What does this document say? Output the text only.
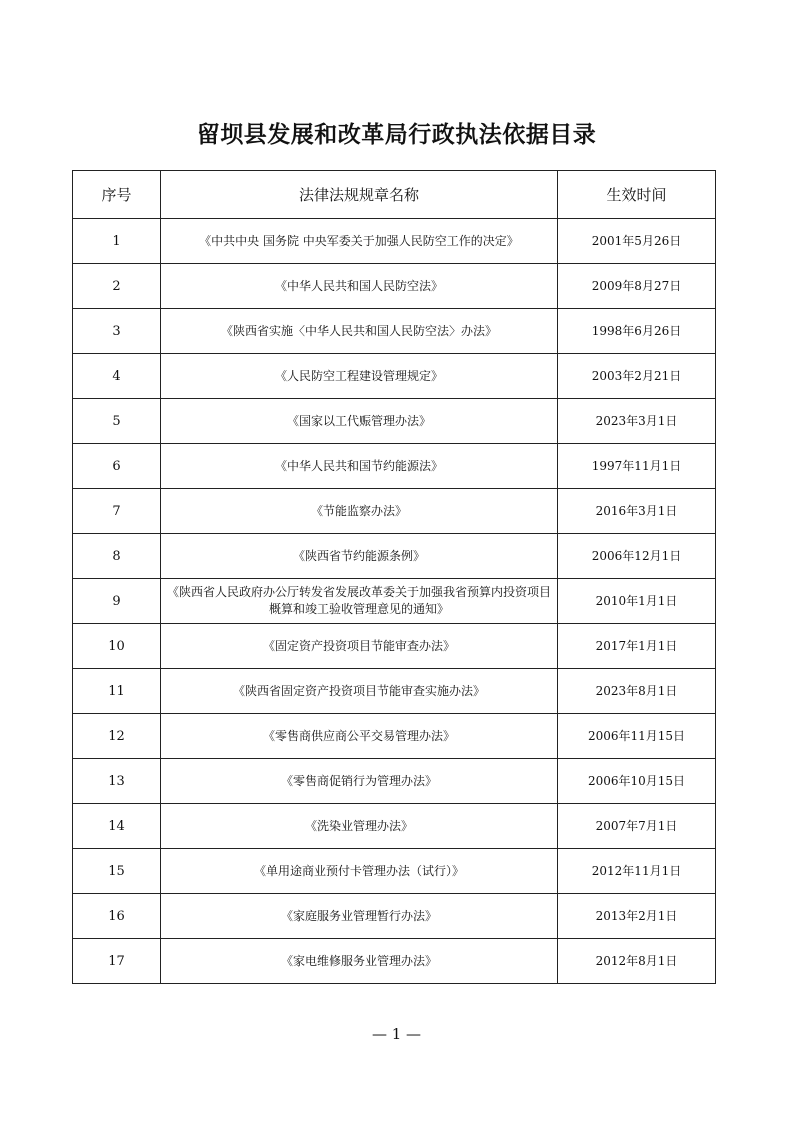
留坝县发展和改革局行政执法依据目录
序号	法律法规规章名称	生效时间
1	《中共中央 国务院 中央军委关于加强人民防空工作的决定》	2001年5月26日
2	《中华人民共和国人民防空法》	2009年8月27日
3	《陕西省实施〈中华人民共和国人民防空法〉办法》	1998年6月26日
4	《人民防空工程建设管理规定》	2003年2月21日
5	《国家以工代赈管理办法》	2023年3月1日
6	《中华人民共和国节约能源法》	1997年11月1日
7	《节能监察办法》	2016年3月1日
8	《陕西省节约能源条例》	2006年12月1日
9	《陕西省人民政府办公厅转发省发展改革委关于加强我省预算内投资项目概算和竣工验收管理意见的通知》	2010年1月1日
10	《固定资产投资项目节能审查办法》	2017年1月1日
11	《陕西省固定资产投资项目节能审查实施办法》	2023年8月1日
12	《零售商供应商公平交易管理办法》	2006年11月15日
13	《零售商促销行为管理办法》	2006年10月15日
14	《洗染业管理办法》	2007年7月1日
15	《单用途商业预付卡管理办法（试行）》	2012年11月1日
16	《家庭服务业管理暂行办法》	2013年2月1日
17	《家电维修服务业管理办法》	2012年8月1日
— 1 —
